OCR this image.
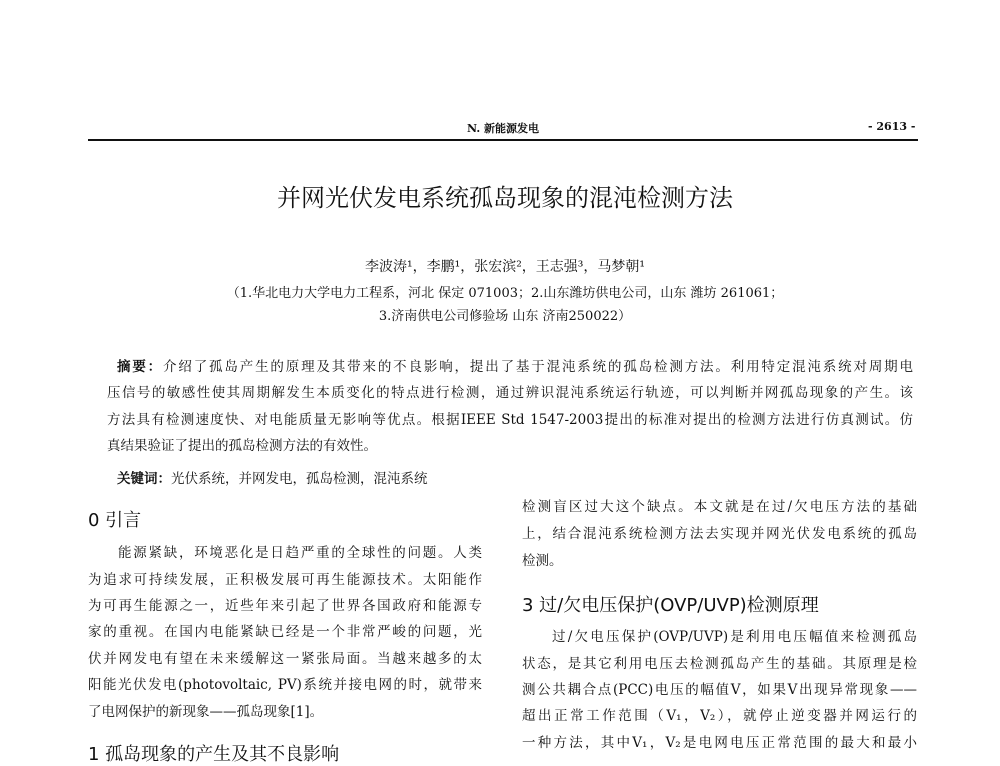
N. 新能源发电	- 2613 -
并网光伏发电系统孤岛现象的混沌检测方法
李波涛¹，李鹏¹，张宏滨²，王志强³，马梦朝¹
（1.华北电力大学电力工程系，河北 保定 071003；2.山东潍坊供电公司，山东 潍坊 261061；
3.济南供电公司修验场 山东 济南250022）
摘要：介绍了孤岛产生的原理及其带来的不良影响，提出了基于混沌系统的孤岛检测方法。利用特定混沌系统对周期电
压信号的敏感性使其周期解发生本质变化的特点进行检测，通过辨识混沌系统运行轨迹，可以判断并网孤岛现象的产生。该
方法具有检测速度快、对电能质量无影响等优点。根据IEEE Std 1547-2003提出的标准对提出的检测方法进行仿真测试。仿
真结果验证了提出的孤岛检测方法的有效性。
关键词：光伏系统，并网发电，孤岛检测，混沌系统
0 引言
能源紧缺，环境恶化是日趋严重的全球性的问题。人类
为追求可持续发展，正积极发展可再生能源技术。太阳能作
为可再生能源之一，近些年来引起了世界各国政府和能源专
家的重视。在国内电能紧缺已经是一个非常严峻的问题，光
伏并网发电有望在未来缓解这一紧张局面。当越来越多的太
阳能光伏发电(photovoltaic, PV)系统并接电网的时，就带来
了电网保护的新现象——孤岛现象[1]。
1 孤岛现象的产生及其不良影响
检测盲区过大这个缺点。本文就是在过/欠电压方法的基础
上，结合混沌系统检测方法去实现并网光伏发电系统的孤岛
检测。
3 过/欠电压保护(OVP/UVP)检测原理
过/欠电压保护(OVP/UVP)是利用电压幅值来检测孤岛
状态，是其它利用电压去检测孤岛产生的基础。其原理是检
测公共耦合点(PCC)电压的幅值V，如果V出现异常现象——
超出正常工作范围（V₁，V₂），就停止逆变器并网运行的
一种方法，其中V₁，V₂是电网电压正常范围的最大和最小
